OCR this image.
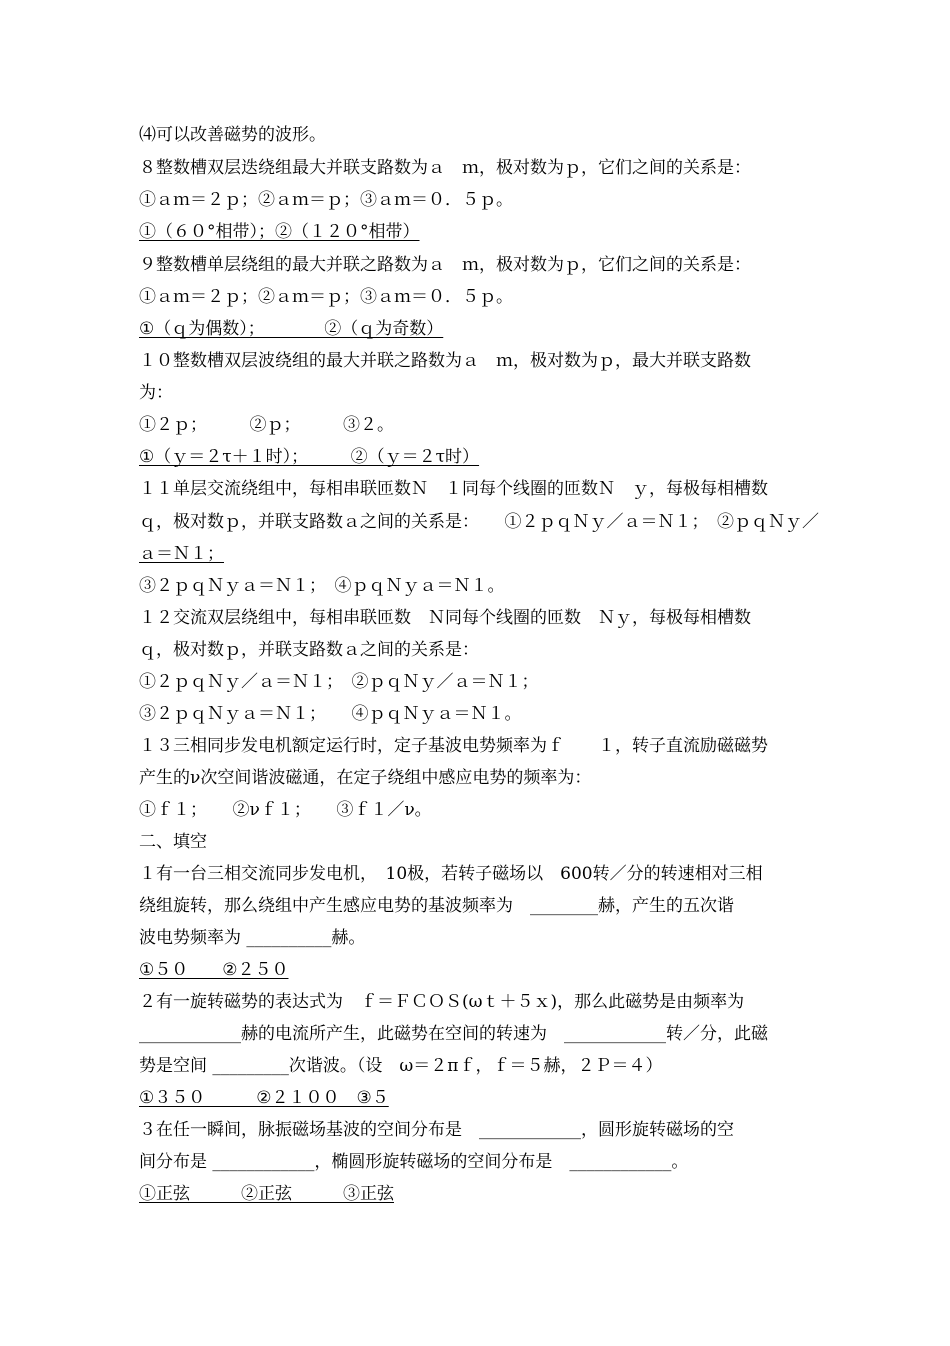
⑷可以改善磁势的波形。
８整数槽双层迭绕组最大并联支路数为ａ　ｍ，极对数为ｐ，它们之间的关系是：
①ａｍ＝２ｐ；②ａｍ＝ｐ；③ａｍ＝０．５ｐ。
①（６０°相带）；②（１２０°相带）
９整数槽单层绕组的最大并联之路数为ａ　ｍ，极对数为ｐ，它们之间的关系是：
①ａｍ＝２ｐ；②ａｍ＝ｐ；③ａｍ＝０．５ｐ。
①（ｑ为偶数）；　　　　②（ｑ为奇数）
１０整数槽双层波绕组的最大并联之路数为ａ　ｍ，极对数为ｐ，最大并联支路数
为：
①２ｐ；　　　②ｐ；　　　③２。
①（ｙ＝２τ＋１时）；　　　②（ｙ＝２τ时）
１１单层交流绕组中，每相串联匝数Ｎ　１同每个线圈的匝数Ｎ　ｙ，每极每相槽数
ｑ，极对数ｐ，并联支路数ａ之间的关系是：　　①２ｐｑＮｙ／ａ＝Ｎ１；　②ｐｑＮｙ／
ａ＝Ｎ１；
③２ｐｑＮｙａ＝Ｎ１；　④ｐｑＮｙａ＝Ｎ１。
１２交流双层绕组中，每相串联匝数　Ｎ同每个线圈的匝数　Ｎｙ，每极每相槽数
ｑ，极对数ｐ，并联支路数ａ之间的关系是：
①２ｐｑＮｙ／ａ＝Ｎ１；　②ｐｑＮｙ／ａ＝Ｎ１；
③２ｐｑＮｙａ＝Ｎ１；　　④ｐｑＮｙａ＝Ｎ１。
１３三相同步发电机额定运行时，定子基波电势频率为ｆ　　１，转子直流励磁磁势
产生的ν次空间谐波磁通，在定子绕组中感应电势的频率为：
①ｆ１；　　②νｆ１；　　③ｆ１／ν。
二、填空
１有一台三相交流同步发电机，　10极，若转子磁场以　600转／分的转速相对三相
绕组旋转，那么绕组中产生感应电势的基波频率为　________赫，产生的五次谐
波电势频率为 __________赫。
①５０　　②２５０
２有一旋转磁势的表达式为　ｆ＝ＦＣＯＳ(ωｔ＋５ｘ)，那么此磁势是由频率为
____________赫的电流所产生，此磁势在空间的转速为　____________转／分，此磁
势是空间 _________次谐波。（设　ω＝２πｆ，ｆ＝５赫，２Ｐ＝４）
①３５０　　　②２１００　③５
３在任一瞬间，脉振磁场基波的空间分布是　____________，圆形旋转磁场的空
间分布是 ____________，椭圆形旋转磁场的空间分布是　____________。
①正弦　　　②正弦　　　③正弦
